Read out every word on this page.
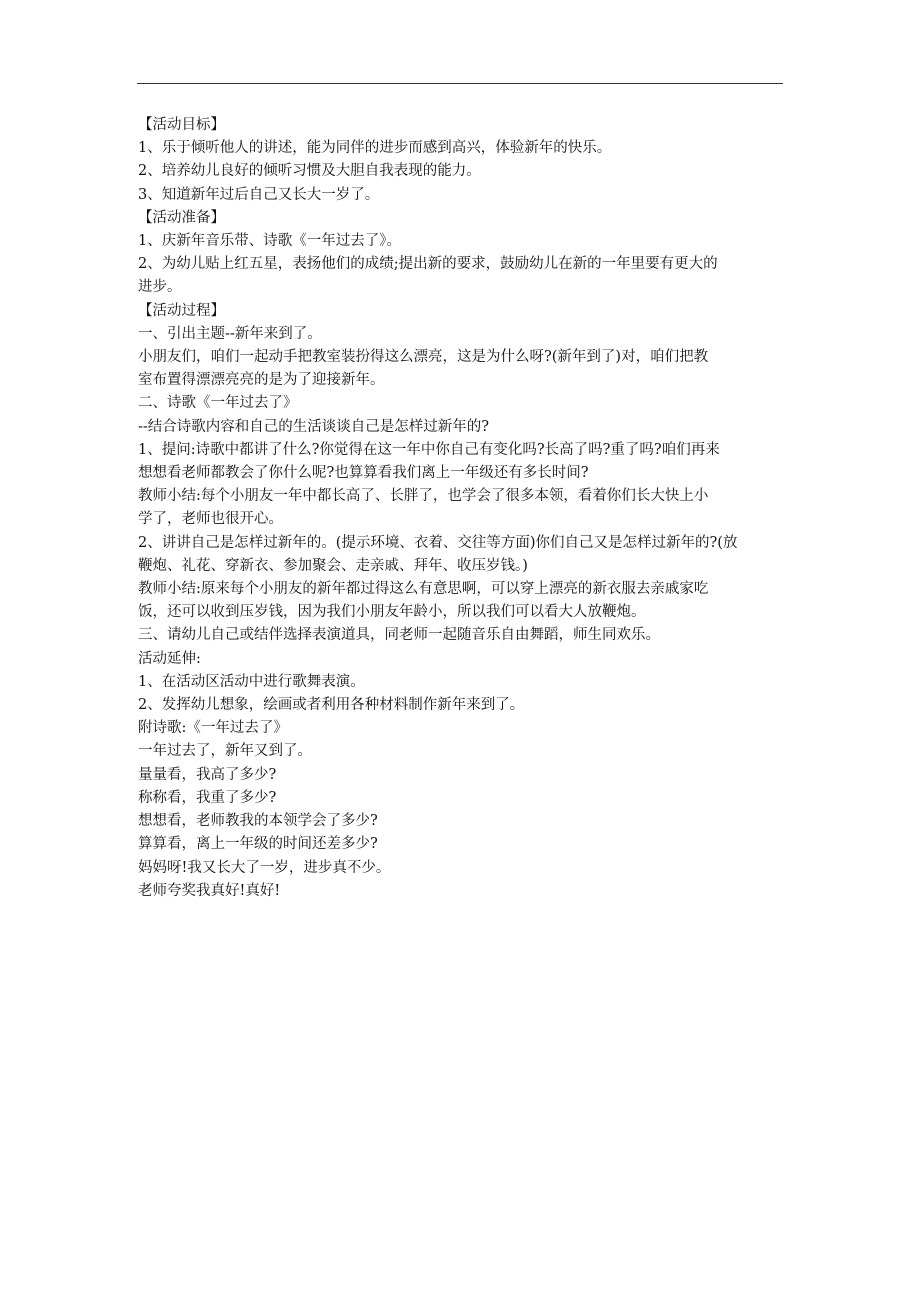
【活动目标】

1、乐于倾听他人的讲述，能为同伴的进步而感到高兴，体验新年的快乐。

2、培养幼儿良好的倾听习惯及大胆自我表现的能力。

3、知道新年过后自己又长大一岁了。

【活动准备】

1、庆新年音乐带、诗歌《一年过去了》。

2、为幼儿贴上红五星，表扬他们的成绩;提出新的要求，鼓励幼儿在新的一年里要有更大的

进步。

【活动过程】

一、引出主题--新年来到了。

小朋友们，咱们一起动手把教室装扮得这么漂亮，这是为什么呀?(新年到了)对，咱们把教

室布置得漂漂亮亮的是为了迎接新年。

二、诗歌《一年过去了》

--结合诗歌内容和自己的生活谈谈自己是怎样过新年的?

1、提问:诗歌中都讲了什么?你觉得在这一年中你自己有变化吗?长高了吗?重了吗?咱们再来

想想看老师都教会了你什么呢?也算算看我们离上一年级还有多长时间?

教师小结:每个小朋友一年中都长高了、长胖了，也学会了很多本领，看着你们长大快上小

学了，老师也很开心。

2、讲讲自己是怎样过新年的。(提示环境、衣着、交往等方面)你们自己又是怎样过新年的?(放

鞭炮、礼花、穿新衣、参加聚会、走亲戚、拜年、收压岁钱。)

教师小结:原来每个小朋友的新年都过得这么有意思啊，可以穿上漂亮的新衣服去亲戚家吃

饭，还可以收到压岁钱，因为我们小朋友年龄小，所以我们可以看大人放鞭炮。

三、请幼儿自己或结伴选择表演道具，同老师一起随音乐自由舞蹈，师生同欢乐。

活动延伸:

1、在活动区活动中进行歌舞表演。

2、发挥幼儿想象，绘画或者利用各种材料制作新年来到了。

附诗歌:《一年过去了》

一年过去了，新年又到了。

量量看，我高了多少?

称称看，我重了多少?

想想看，老师教我的本领学会了多少?

算算看，离上一年级的时间还差多少?

妈妈呀!我又长大了一岁，进步真不少。

老师夸奖我真好!真好!
